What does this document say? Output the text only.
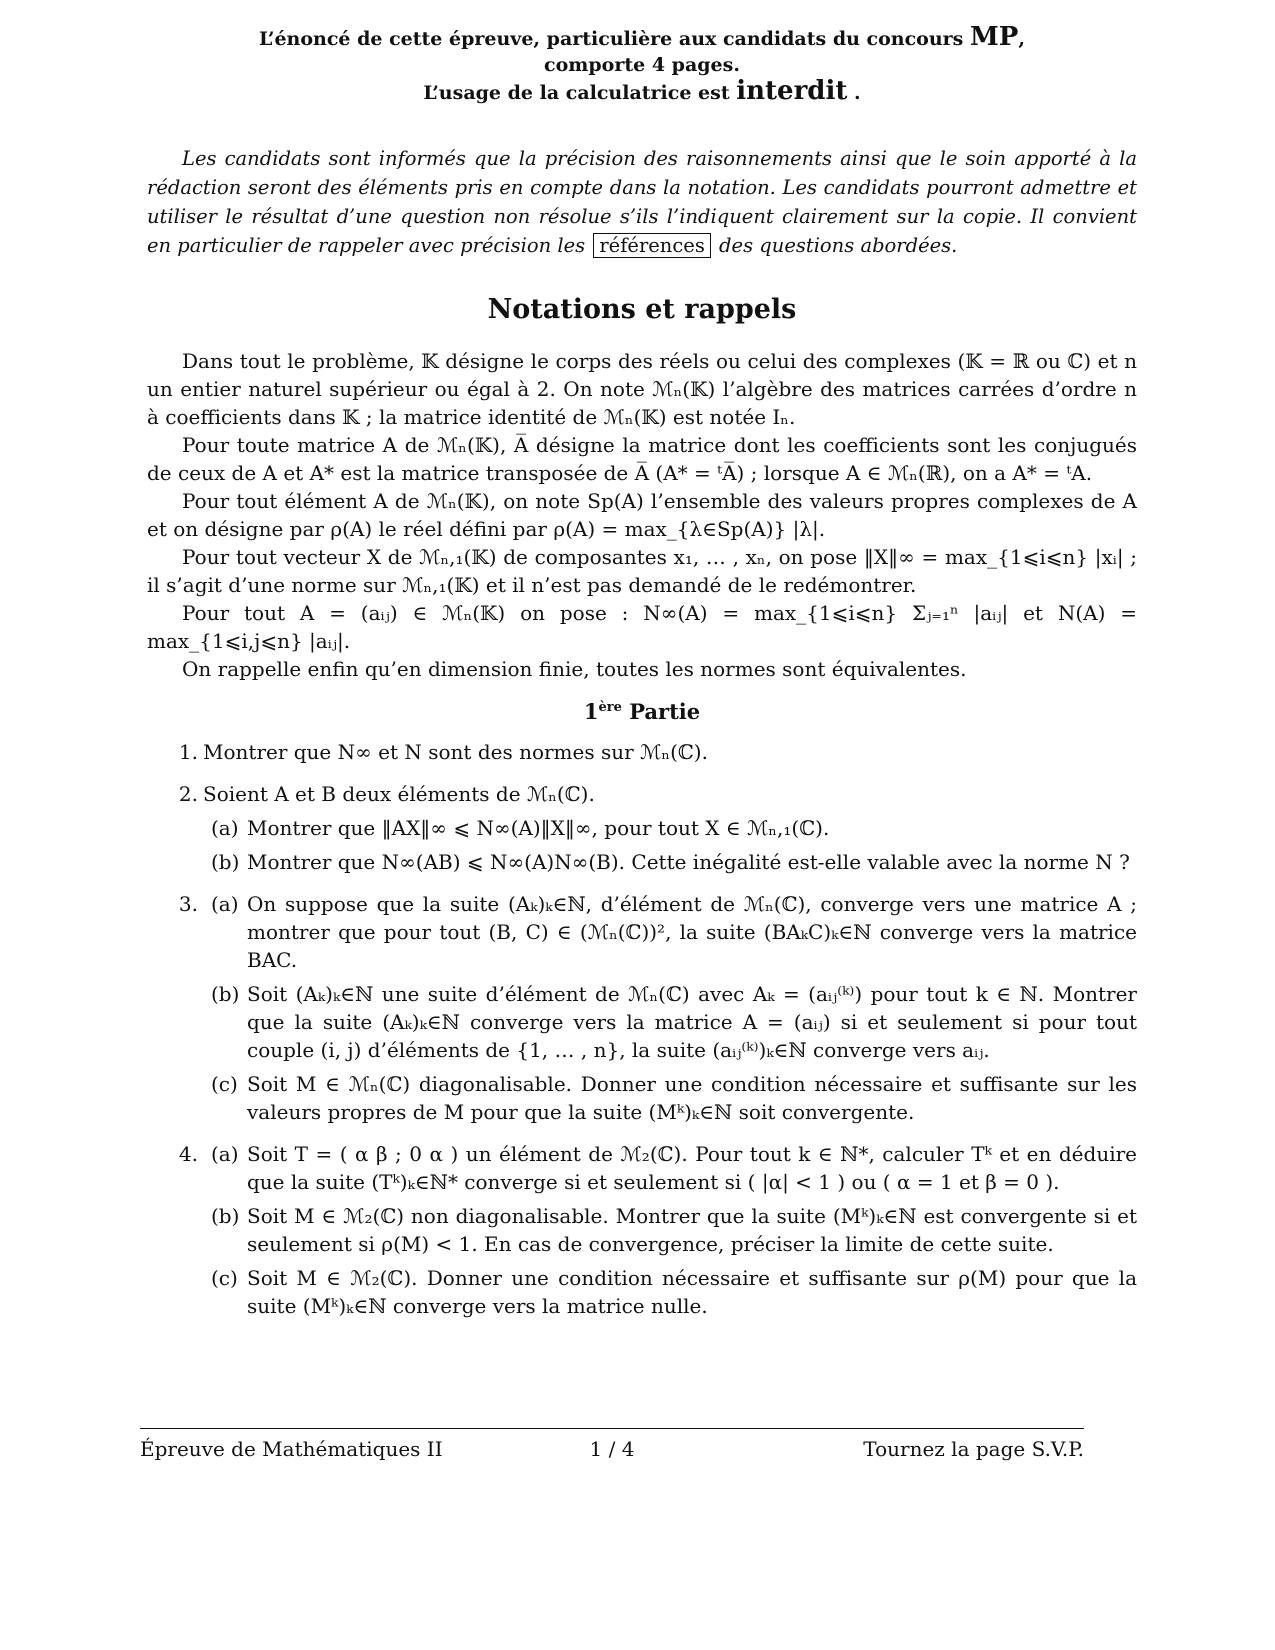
L’énoncé de cette épreuve, particulière aux candidats du concours MP,
comporte 4 pages.
L’usage de la calculatrice est interdit .

Les candidats sont informés que la précision des raisonnements ainsi que le soin apporté à la rédaction seront des éléments pris en compte dans la notation. Les candidats pourront admettre et utiliser le résultat d’une question non résolue s’ils l’indiquent clairement sur la copie. Il convient en particulier de rappeler avec précision les références des questions abordées.

Notations et rappels

Dans tout le problème, 𝕂 désigne le corps des réels ou celui des complexes (𝕂 = ℝ ou ℂ) et n un entier naturel supérieur ou égal à 2. On note ℳₙ(𝕂) l’algèbre des matrices carrées d’ordre n à coefficients dans 𝕂 ; la matrice identité de ℳₙ(𝕂) est notée Iₙ.

Pour toute matrice A de ℳₙ(𝕂), A̅ désigne la matrice dont les coefficients sont les conjugués de ceux de A et A* est la matrice transposée de A̅ (A* = ᵗA̅) ; lorsque A ∈ ℳₙ(ℝ), on a A* = ᵗA.

Pour tout élément A de ℳₙ(𝕂), on note Sp(A) l’ensemble des valeurs propres complexes de A et on désigne par ρ(A) le réel défini par ρ(A) = max_{λ∈Sp(A)} |λ|.

Pour tout vecteur X de ℳₙ,₁(𝕂) de composantes x₁, … , xₙ, on pose ‖X‖∞ = max_{1⩽i⩽n} |xᵢ| ; il s’agit d’une norme sur ℳₙ,₁(𝕂) et il n’est pas demandé de le redémontrer.

Pour tout A = (aᵢⱼ) ∈ ℳₙ(𝕂) on pose : N∞(A) = max_{1⩽i⩽n} Σⱼ₌₁ⁿ |aᵢⱼ| et N(A) = max_{1⩽i,j⩽n} |aᵢⱼ|.

On rappelle enfin qu’en dimension finie, toutes les normes sont équivalentes.

1ère Partie
1. Montrer que N∞ et N sont des normes sur ℳₙ(ℂ).
2. Soient A et B deux éléments de ℳₙ(ℂ).
(a) Montrer que ‖AX‖∞ ⩽ N∞(A)‖X‖∞, pour tout X ∈ ℳₙ,₁(ℂ).
(b) Montrer que N∞(AB) ⩽ N∞(A)N∞(B). Cette inégalité est-elle valable avec la norme N ?
3. (a) On suppose que la suite (Aₖ)ₖ∈ℕ, d’élément de ℳₙ(ℂ), converge vers une matrice A ; montrer que pour tout (B, C) ∈ (ℳₙ(ℂ))², la suite (BAₖC)ₖ∈ℕ converge vers la matrice BAC.
(b) Soit (Aₖ)ₖ∈ℕ une suite d’élément de ℳₙ(ℂ) avec Aₖ = (aᵢⱼ⁽ᵏ⁾) pour tout k ∈ ℕ. Montrer que la suite (Aₖ)ₖ∈ℕ converge vers la matrice A = (aᵢⱼ) si et seulement si pour tout couple (i, j) d’éléments de {1, … , n}, la suite (aᵢⱼ⁽ᵏ⁾)ₖ∈ℕ converge vers aᵢⱼ.
(c) Soit M ∈ ℳₙ(ℂ) diagonalisable. Donner une condition nécessaire et suffisante sur les valeurs propres de M pour que la suite (Mᵏ)ₖ∈ℕ soit convergente.
4. (a) Soit T = ( α β ; 0 α ) un élément de ℳ₂(ℂ). Pour tout k ∈ ℕ*, calculer Tᵏ et en déduire que la suite (Tᵏ)ₖ∈ℕ* converge si et seulement si ( |α| < 1 ) ou ( α = 1 et β = 0 ).
(b) Soit M ∈ ℳ₂(ℂ) non diagonalisable. Montrer que la suite (Mᵏ)ₖ∈ℕ est convergente si et seulement si ρ(M) < 1. En cas de convergence, préciser la limite de cette suite.
(c) Soit M ∈ ℳ₂(ℂ). Donner une condition nécessaire et suffisante sur ρ(M) pour que la suite (Mᵏ)ₖ∈ℕ converge vers la matrice nulle.
Épreuve de Mathématiques II	1 / 4	Tournez la page S.V.P.
